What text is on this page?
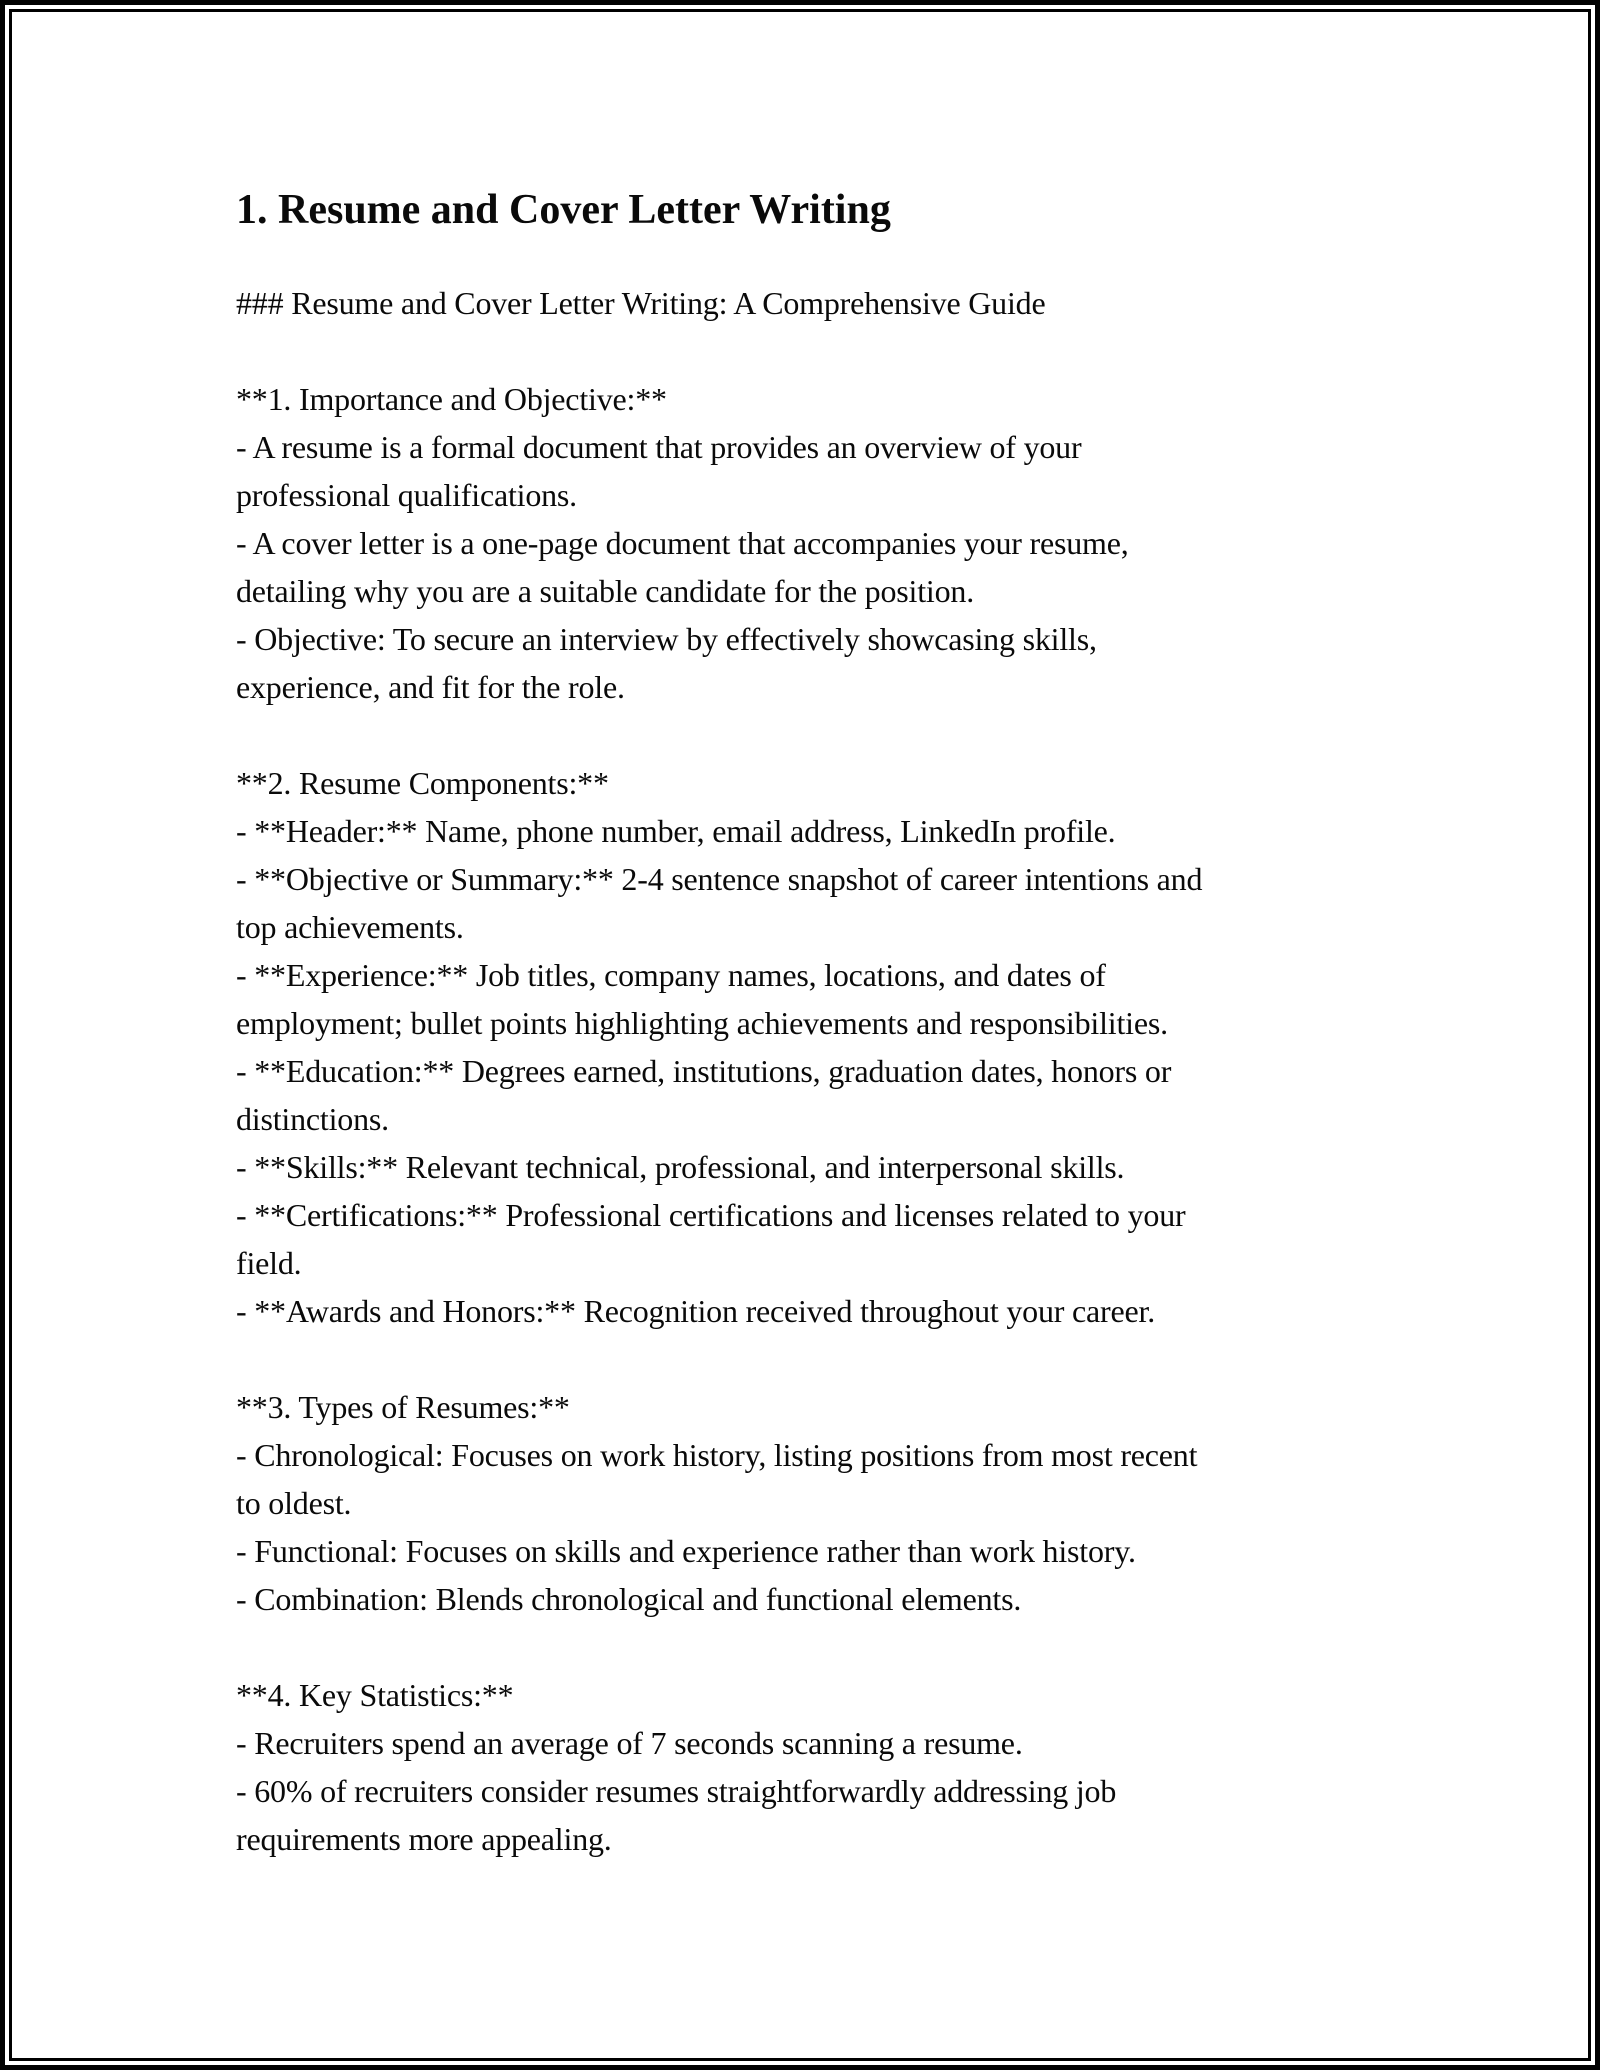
1. Resume and Cover Letter Writing
### Resume and Cover Letter Writing: A Comprehensive Guide
**1. Importance and Objective:**
- A resume is a formal document that provides an overview of your
professional qualifications.
- A cover letter is a one-page document that accompanies your resume,
detailing why you are a suitable candidate for the position.
- Objective: To secure an interview by effectively showcasing skills,
experience, and fit for the role.
**2. Resume Components:**
- **Header:** Name, phone number, email address, LinkedIn profile.
- **Objective or Summary:** 2-4 sentence snapshot of career intentions and
top achievements.
- **Experience:** Job titles, company names, locations, and dates of
employment; bullet points highlighting achievements and responsibilities.
- **Education:** Degrees earned, institutions, graduation dates, honors or
distinctions.
- **Skills:** Relevant technical, professional, and interpersonal skills.
- **Certifications:** Professional certifications and licenses related to your
field.
- **Awards and Honors:** Recognition received throughout your career.
**3. Types of Resumes:**
- Chronological: Focuses on work history, listing positions from most recent
to oldest.
- Functional: Focuses on skills and experience rather than work history.
- Combination: Blends chronological and functional elements.
**4. Key Statistics:**
- Recruiters spend an average of 7 seconds scanning a resume.
- 60% of recruiters consider resumes straightforwardly addressing job
requirements more appealing.
